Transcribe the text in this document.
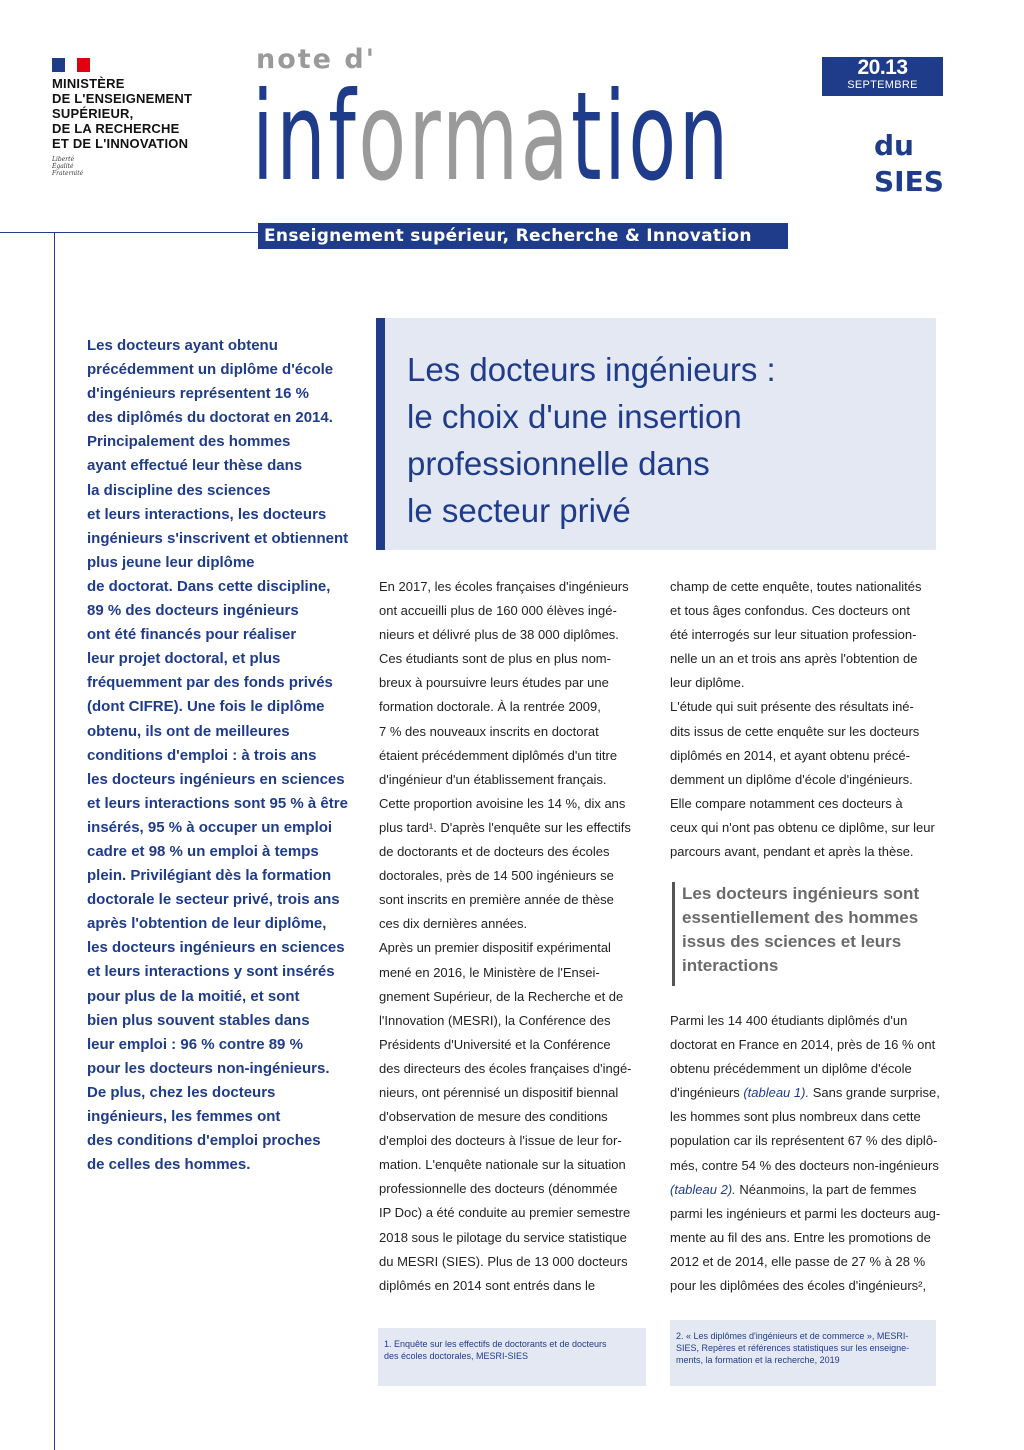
MINISTÈRE
DE L'ENSEIGNEMENT
SUPÉRIEUR,
DE LA RECHERCHE
ET DE L'INNOVATION
Liberté
Égalité
Fraternité
note d'
information	du
SIES
20.13
SEPTEMBRE
Enseignement supérieur, Recherche & Innovation
Les docteurs ayant obtenu
précédemment un diplôme d'école
d'ingénieurs représentent 16 %
des diplômés du doctorat en 2014.
Principalement des hommes
ayant effectué leur thèse dans
la discipline des sciences
et leurs interactions, les docteurs
ingénieurs s'inscrivent et obtiennent
plus jeune leur diplôme
de doctorat. Dans cette discipline,
89 % des docteurs ingénieurs
ont été financés pour réaliser
leur projet doctoral, et plus
fréquemment par des fonds privés
(dont CIFRE). Une fois le diplôme
obtenu, ils ont de meilleures
conditions d'emploi : à trois ans
les docteurs ingénieurs en sciences
et leurs interactions sont 95 % à être
insérés, 95 % à occuper un emploi
cadre et 98 % un emploi à temps
plein. Privilégiant dès la formation
doctorale le secteur privé, trois ans
après l'obtention de leur diplôme,
les docteurs ingénieurs en sciences
et leurs interactions y sont insérés
pour plus de la moitié, et sont
bien plus souvent stables dans
leur emploi : 96 % contre 89 %
pour les docteurs non-ingénieurs.
De plus, chez les docteurs
ingénieurs, les femmes ont
des conditions d'emploi proches
de celles des hommes.
Les docteurs ingénieurs :
le choix d'une insertion
professionnelle dans
le secteur privé
En 2017, les écoles françaises d'ingénieurs
ont accueilli plus de 160 000 élèves ingé-
nieurs et délivré plus de 38 000 diplômes.
Ces étudiants sont de plus en plus nom-
breux à poursuivre leurs études par une
formation doctorale. À la rentrée 2009,
7 % des nouveaux inscrits en doctorat
étaient précédemment diplômés d'un titre
d'ingénieur d'un établissement français.
Cette proportion avoisine les 14 %, dix ans
plus tard¹. D'après l'enquête sur les effectifs
de doctorants et de docteurs des écoles
doctorales, près de 14 500 ingénieurs se
sont inscrits en première année de thèse
ces dix dernières années.
Après un premier dispositif expérimental
mené en 2016, le Ministère de l'Ensei-
gnement Supérieur, de la Recherche et de
l'Innovation (MESRI), la Conférence des
Présidents d'Université et la Conférence
des directeurs des écoles françaises d'ingé-
nieurs, ont pérennisé un dispositif biennal
d'observation de mesure des conditions
d'emploi des docteurs à l'issue de leur for-
mation. L'enquête nationale sur la situation
professionnelle des docteurs (dénommée
IP Doc) a été conduite au premier semestre
2018 sous le pilotage du service statistique
du MESRI (SIES). Plus de 13 000 docteurs
diplômés en 2014 sont entrés dans le
champ de cette enquête, toutes nationalités
et tous âges confondus. Ces docteurs ont
été interrogés sur leur situation profession-
nelle un an et trois ans après l'obtention de
leur diplôme.
L'étude qui suit présente des résultats iné-
dits issus de cette enquête sur les docteurs
diplômés en 2014, et ayant obtenu précé-
demment un diplôme d'école d'ingénieurs.
Elle compare notamment ces docteurs à
ceux qui n'ont pas obtenu ce diplôme, sur leur
parcours avant, pendant et après la thèse.
Les docteurs ingénieurs sont
essentiellement des hommes
issus des sciences et leurs
interactions
Parmi les 14 400 étudiants diplômés d'un
doctorat en France en 2014, près de 16 % ont
obtenu précédemment un diplôme d'école
d'ingénieurs (tableau 1). Sans grande surprise,
les hommes sont plus nombreux dans cette
population car ils représentent 67 % des diplô-
més, contre 54 % des docteurs non-ingénieurs
(tableau 2). Néanmoins, la part de femmes
parmi les ingénieurs et parmi les docteurs aug-
mente au fil des ans. Entre les promotions de
2012 et de 2014, elle passe de 27 % à 28 %
pour les diplômées des écoles d'ingénieurs²,
1. Enquête sur les effectifs de doctorants et de docteurs
des écoles doctorales, MESRI-SIES
2. « Les diplômes d'ingénieurs et de commerce », MESRI-
SIES, Repères et références statistiques sur les enseigne-
ments, la formation et la recherche, 2019
